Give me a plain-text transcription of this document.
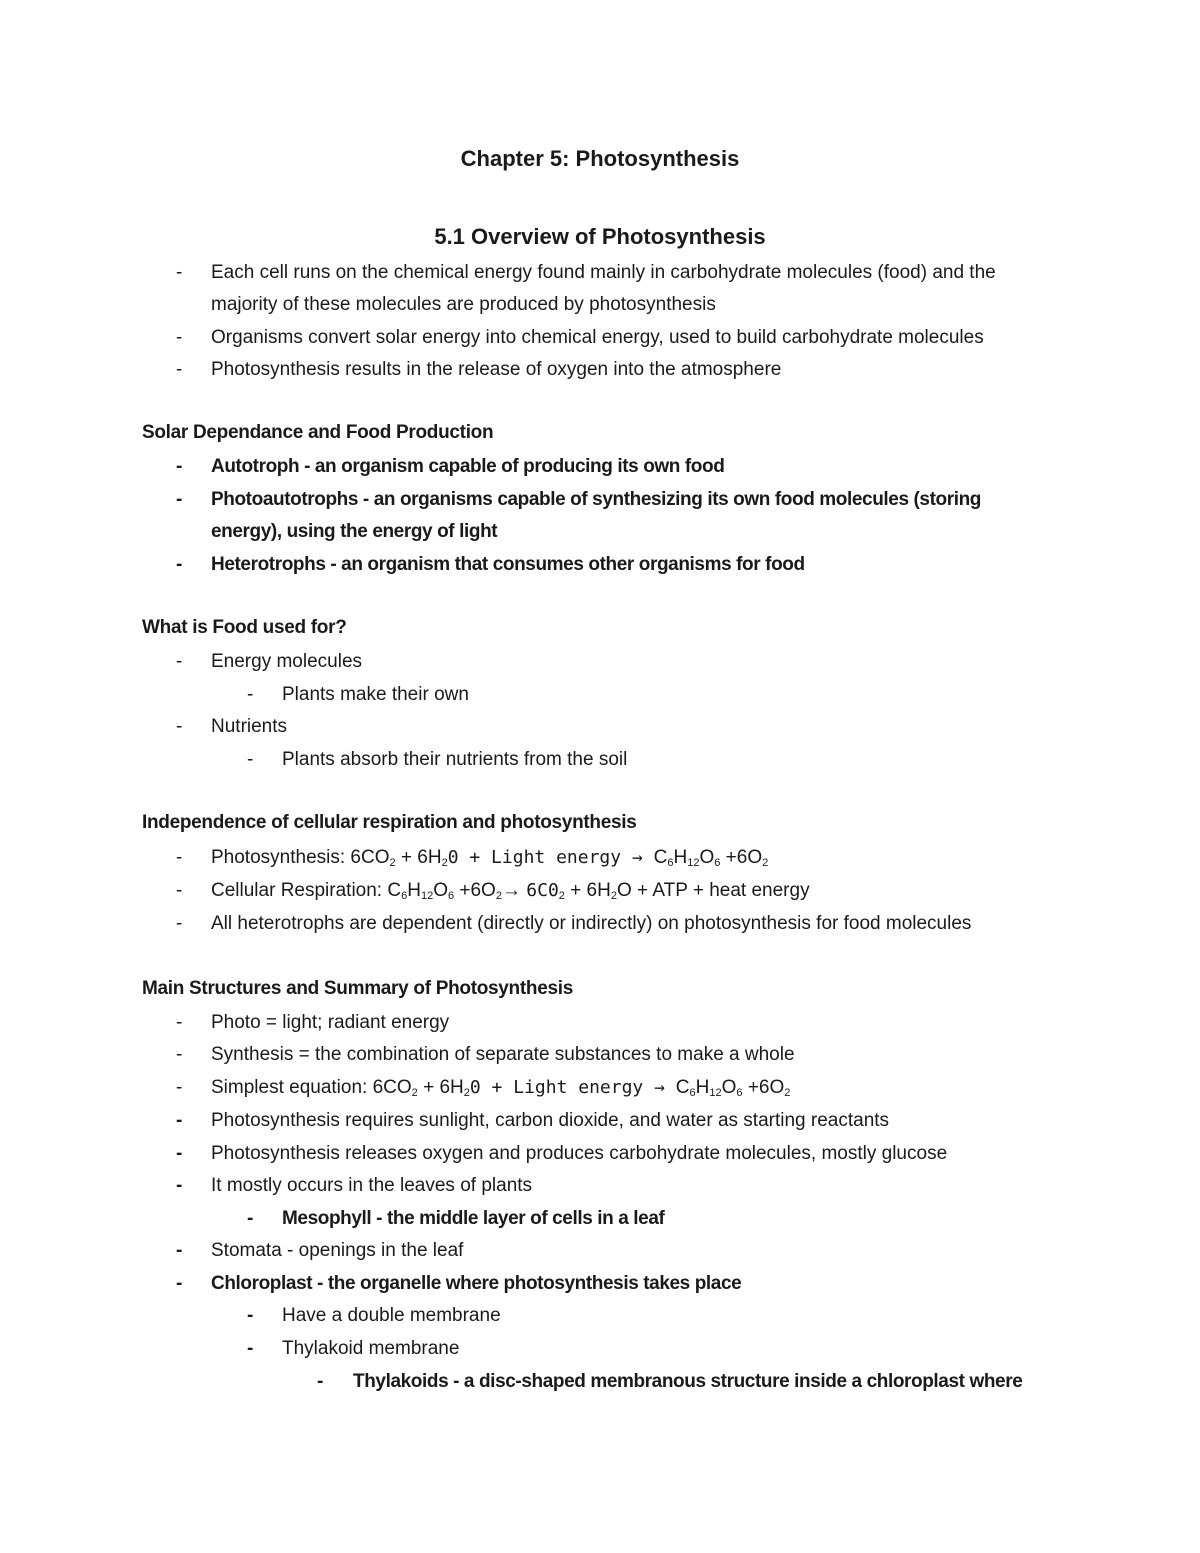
Chapter 5: Photosynthesis
5.1 Overview of Photosynthesis
- Each cell runs on the chemical energy found mainly in carbohydrate molecules (food) and the
majority of these molecules are produced by photosynthesis
- Organisms convert solar energy into chemical energy, used to build carbohydrate molecules
- Photosynthesis results in the release of oxygen into the atmosphere
Solar Dependance and Food Production
- Autotroph - an organism capable of producing its own food
- Photoautotrophs - an organisms capable of synthesizing its own food molecules (storing
energy), using the energy of light
- Heterotrophs - an organism that consumes other organisms for food
What is Food used for?
- Energy molecules
- Plants make their own
- Nutrients
- Plants absorb their nutrients from the soil
Independence of cellular respiration and photosynthesis
- Photosynthesis: $6CO_2 + 6H_20$ + Light energy → $C_6H_{12}O_6 +6O_2$
- Cellular Respiration: $C_6H_{12}O_6 +6O_2\to 6C0_2 + 6H_2O$ + ATP + heat energy
- All heterotrophs are dependent (directly or indirectly) on photosynthesis for food molecules
Main Structures and Summary of Photosynthesis
- Photo = light; radiant energy
- Synthesis = the combination of separate substances to make a whole
- Simplest equation: $6CO_2 + 6H_20$ + Light energy → $C_6H_{12}O_6 +6O_2$
- Photosynthesis requires sunlight, carbon dioxide, and water as starting reactants
- Photosynthesis releases oxygen and produces carbohydrate molecules, mostly glucose
- It mostly occurs in the leaves of plants
- Mesophyll - the middle layer of cells in a leaf
- Stomata - openings in the leaf
- Chloroplast - the organelle where photosynthesis takes place
- Have a double membrane
- Thylakoid membrane
- Thylakoids - a disc-shaped membranous structure inside a chloroplast where
